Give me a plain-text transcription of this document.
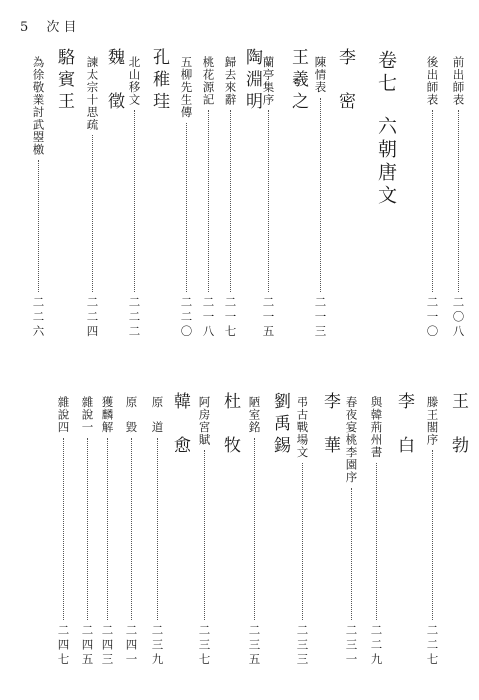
5 次 目
卷七
六朝唐文
前出師表
二〇八
後出師表
二一〇
李　密
陳情表
二一三
王羲之
蘭亭集序
二一五
陶淵明
歸去來辭
二一七
桃花源記
二一八
五柳先生傳
二二〇
孔稚珪
北山移文
二二二
魏　徵
諫太宗十思疏
二二四
駱賓王
為徐敬業討武曌檄
二二六
王　勃
滕王閣序
二二七
李　白
與韓荊州書
二二九
春夜宴桃李園序
二三一
李　華
弔古戰場文
二三三
劉禹錫
陋室銘
二三五
杜　牧
阿房宮賦
二三七
韓　愈
原　道
二三九
原　毀
二四一
獲麟解
二四三
雜說一
二四五
雜說四
二四七
